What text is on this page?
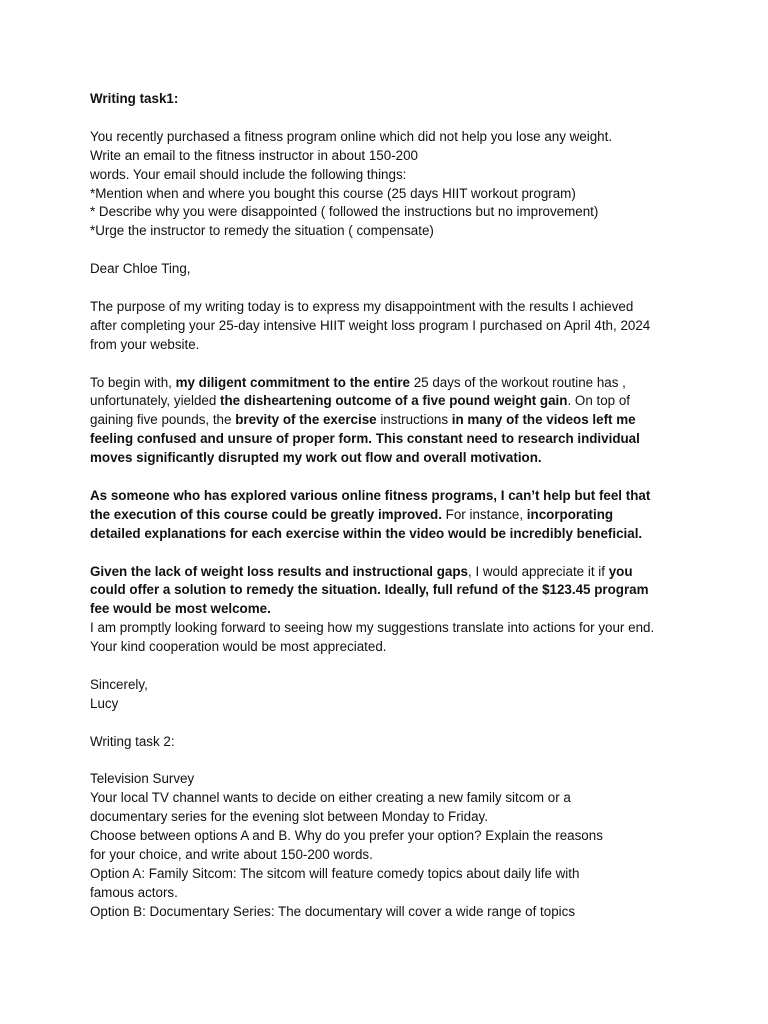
Writing task1:
You recently purchased a fitness program online which did not help you lose any weight.
Write an email to the fitness instructor in about 150-200
words. Your email should include the following things:
*Mention when and where you bought this course (25 days HIIT workout program)
* Describe why you were disappointed ( followed the instructions but no improvement)
*Urge the instructor to remedy the situation ( compensate)
Dear Chloe Ting,
The purpose of my writing today is to express my disappointment with the results I achieved
after completing your 25-day intensive HIIT weight loss program I purchased on April 4th, 2024
from your website.
To begin with, my diligent commitment to the entire 25 days of the workout routine has ,
unfortunately, yielded the disheartening outcome of a five pound weight gain. On top of
gaining five pounds, the brevity of the exercise instructions in many of the videos left me
feeling confused and unsure of proper form. This constant need to research individual
moves significantly disrupted my work out flow and overall motivation.
As someone who has explored various online fitness programs, I can’t help but feel that
the execution of this course could be greatly improved. For instance, incorporating
detailed explanations for each exercise within the video would be incredibly beneficial.
Given the lack of weight loss results and instructional gaps, I would appreciate it if you
could offer a solution to remedy the situation. Ideally, full refund of the $123.45 program
fee would be most welcome.
I am promptly looking forward to seeing how my suggestions translate into actions for your end.
Your kind cooperation would be most appreciated.
Sincerely,
Lucy
Writing task 2:
Television Survey
Your local TV channel wants to decide on either creating a new family sitcom or a
documentary series for the evening slot between Monday to Friday.
Choose between options A and B. Why do you prefer your option? Explain the reasons
for your choice, and write about 150-200 words.
Option A: Family Sitcom: The sitcom will feature comedy topics about daily life with
famous actors.
Option B: Documentary Series: The documentary will cover a wide range of topics
